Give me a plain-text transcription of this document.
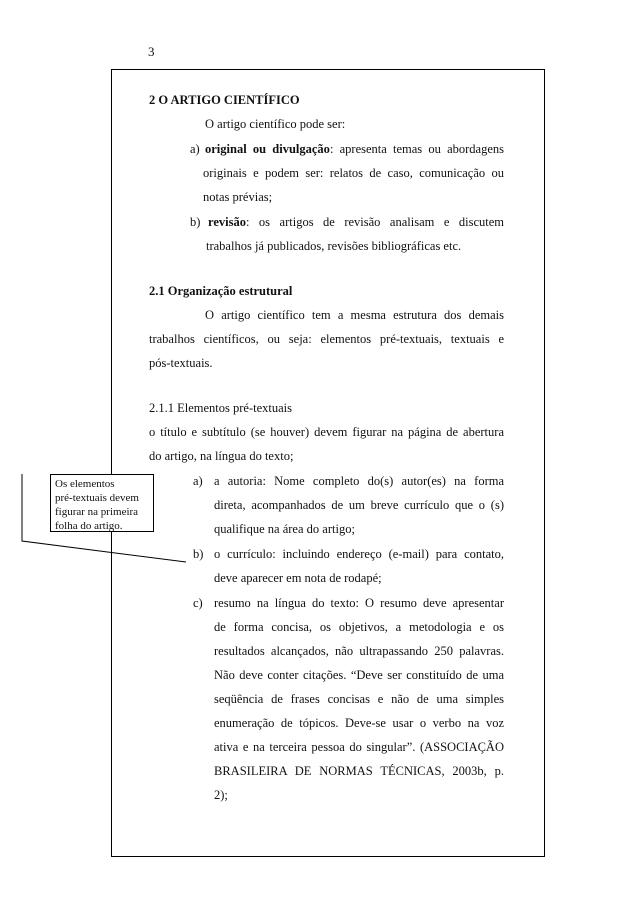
3
2 O ARTIGO CIENTÍFICO
O artigo científico pode ser:
a) original ou divulgação: apresenta temas ou abordagens
originais e podem ser: relatos de caso, comunicação ou
notas prévias;
b) revisão: os artigos de revisão analisam e discutem
trabalhos já publicados, revisões bibliográficas etc.
2.1 Organização estrutural
O artigo científico tem a mesma estrutura dos demais
trabalhos científicos, ou seja: elementos pré-textuais, textuais e
pós-textuais.
2.1.1 Elementos pré-textuais
o título e subtítulo (se houver) devem figurar na página de abertura
do artigo, na língua do texto;
a) a autoria: Nome completo do(s) autor(es) na forma
direta, acompanhados de um breve currículo que o (s)
qualifique na área do artigo;
b) o currículo: incluindo endereço (e-mail) para contato,
deve aparecer em nota de rodapé;
c) resumo na língua do texto: O resumo deve apresentar
de forma concisa, os objetivos, a metodologia e os
resultados alcançados, não ultrapassando 250 palavras.
Não deve conter citações. “Deve ser constituído de uma
seqüência de frases concisas e não de uma simples
enumeração de tópicos. Deve-se usar o verbo na voz
ativa e na terceira pessoa do singular”. (ASSOCIAÇÃO
BRASILEIRA DE NORMAS TÉCNICAS, 2003b, p.
2);
Os elementos
pré-textuais devem
figurar na primeira
folha do artigo.
